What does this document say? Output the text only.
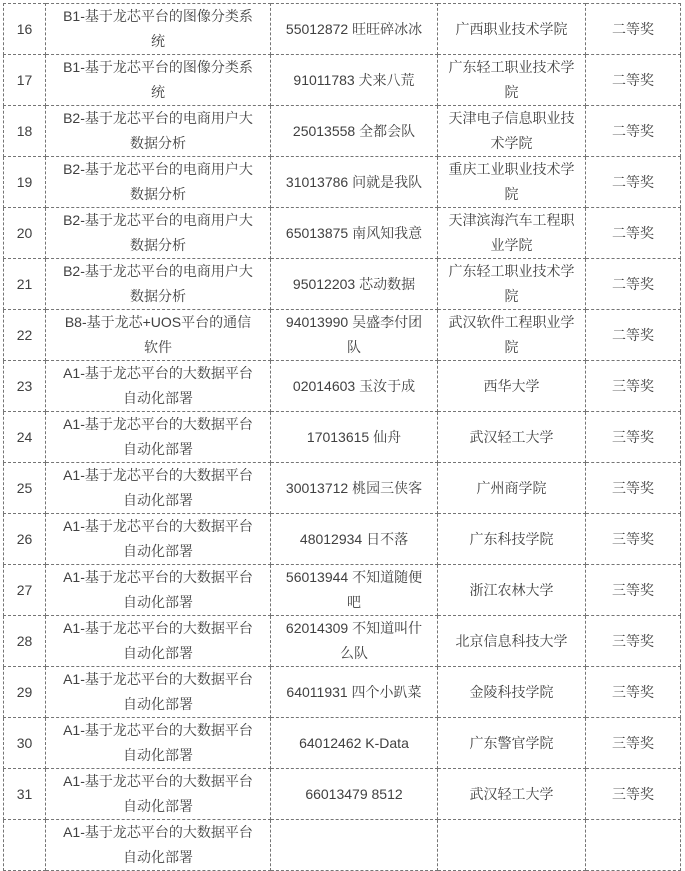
16	B1-基于龙芯平台的图像分类系统	55012872 旺旺碎冰冰	广西职业技术学院	二等奖

17	B1-基于龙芯平台的图像分类系统	91011783 犬来八荒	广东轻工职业技术学院	二等奖

18	B2-基于龙芯平台的电商用户大数据分析	25013558 全都会队	天津电子信息职业技术学院	二等奖

19	B2-基于龙芯平台的电商用户大数据分析	31013786 问就是我队	重庆工业职业技术学院	二等奖

20	B2-基于龙芯平台的电商用户大数据分析	65013875 南风知我意	天津滨海汽车工程职业学院	二等奖

21	B2-基于龙芯平台的电商用户大数据分析	95012203 芯动数据	广东轻工职业技术学院	二等奖

22	B8-基于龙芯+UOS平台的通信软件	94013990 吴盛李付团队	武汉软件工程职业学院	二等奖

23	A1-基于龙芯平台的大数据平台自动化部署	02014603 玉汝于成	西华大学	三等奖

24	A1-基于龙芯平台的大数据平台自动化部署	17013615 仙舟	武汉轻工大学	三等奖

25	A1-基于龙芯平台的大数据平台自动化部署	30013712 桃园三侠客	广州商学院	三等奖

26	A1-基于龙芯平台的大数据平台自动化部署	48012934 日不落	广东科技学院	三等奖

27	A1-基于龙芯平台的大数据平台自动化部署	56013944 不知道随便吧	浙江农林大学	三等奖

28	A1-基于龙芯平台的大数据平台自动化部署	62014309 不知道叫什么队	北京信息科技大学	三等奖

29	A1-基于龙芯平台的大数据平台自动化部署	64011931 四个小趴菜	金陵科技学院	三等奖

30	A1-基于龙芯平台的大数据平台自动化部署	64012462 K-Data	广东警官学院	三等奖

31	A1-基于龙芯平台的大数据平台自动化部署	66013479 8512	武汉轻工大学	三等奖

	A1-基于龙芯平台的大数据平台自动化部署			
